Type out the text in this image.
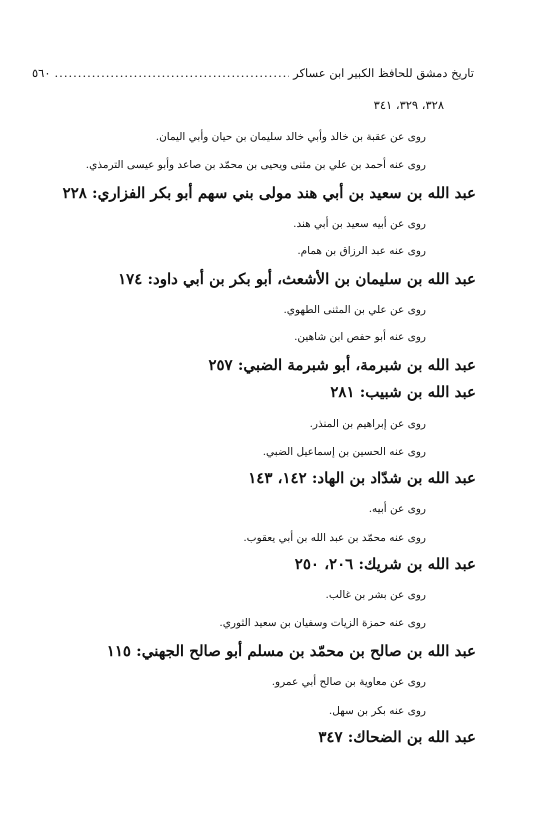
تاريخ دمشق للحافظ الكبير ابن عساكر
.....
٥٦٠
٣٢٨، ٣٢٩، ٣٤١
روى عن عقبة بن خالد وأبي خالد سليمان بن حيان وأبي اليمان.
روى عنه أحمد بن علي بن مثنى ويحيى بن محمّد بن صاعد وأبو عيسى الترمذي.
عبد الله بن سعيد بن أبي هند مولى بني سهم أبو بكر الفزاري: ٢٢٨
روى عن أبيه سعيد بن أبي هند.
روى عنه عبد الرزاق بن همام.
عبد الله بن سليمان بن الأشعث، أبو بكر بن أبي داود: ١٧٤
روى عن علي بن المثنى الطهوي.
روى عنه أبو حفص ابن شاهين.
عبد الله بن شبرمة، أبو شبرمة الضبي: ٢٥٧
عبد الله بن شبيب: ٢٨١
روى عن إبراهيم بن المنذر.
روى عنه الحسين بن إسماعيل الضبي.
عبد الله بن شدّاد بن الهاد: ١٤٢، ١٤٣
روى عن أبيه.
روى عنه محمّد بن عبد الله بن أبي يعقوب.
عبد الله بن شريك: ٢٠٦، ٢٥٠
روى عن بشر بن غالب.
روى عنه حمزة الزيات وسفيان بن سعيد الثوري.
عبد الله بن صالح بن محمّد بن مسلم أبو صالح الجهني: ١١٥
روى عن معاوية بن صالح أبي عمرو.
روى عنه بكر بن سهل.
عبد الله بن الضحاك: ٣٤٧
